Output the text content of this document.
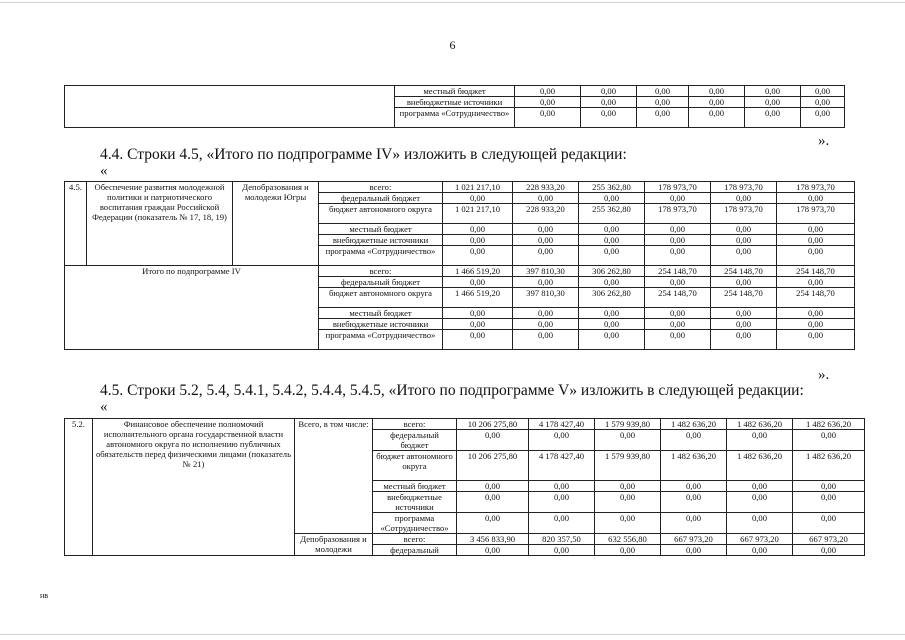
6
	местный бюджет	0,00	0,00	0,00	0,00	0,00	0,00
	внебюджетные источники	0,00	0,00	0,00	0,00	0,00	0,00
	программа «Сотрудничество»	0,00	0,00	0,00	0,00	0,00	0,00
».
4.4. Строки 4.5, «Итого по подпрограмме IV» изложить в следующей редакции:
«
4.5.	Обеспечение развития молодежной политики и патриотического воспитания граждан Российской Федерации (показатель № 17, 18, 19)	Депобразования и молодежи Югры	всего:	1 021 217,10	228 933,20	255 362,80	178 973,70	178 973,70	178 973,70
			федеральный бюджет	0,00	0,00	0,00	0,00	0,00	0,00
			бюджет автономного округа	1 021 217,10	228 933,20	255 362,80	178 973,70	178 973,70	178 973,70
			местный бюджет	0,00	0,00	0,00	0,00	0,00	0,00
			внебюджетные источники	0,00	0,00	0,00	0,00	0,00	0,00
			программа «Сотрудничество»	0,00	0,00	0,00	0,00	0,00	0,00
Итого по подпрограмме IV			всего:	1 466 519,20	397 810,30	306 262,80	254 148,70	254 148,70	254 148,70
			федеральный бюджет	0,00	0,00	0,00	0,00	0,00	0,00
			бюджет автономного округа	1 466 519,20	397 810,30	306 262,80	254 148,70	254 148,70	254 148,70
			местный бюджет	0,00	0,00	0,00	0,00	0,00	0,00
			внебюджетные источники	0,00	0,00	0,00	0,00	0,00	0,00
			программа «Сотрудничество»	0,00	0,00	0,00	0,00	0,00	0,00
».
4.5. Строки 5.2, 5.4, 5.4.1, 5.4.2, 5.4.4, 5.4.5, «Итого по подпрограмме V» изложить в следующей редакции:
«
5.2.	Финансовое обеспечение полномочий исполнительного органа государственной власти автономного округа по исполнению публичных обязательств перед физическими лицами (показатель № 21)	Всего, в том числе:	всего:	10 206 275,80	4 178 427,40	1 579 939,80	1 482 636,20	1 482 636,20	1 482 636,20
			федеральный бюджет	0,00	0,00	0,00	0,00	0,00	0,00
			бюджет автономного округа	10 206 275,80	4 178 427,40	1 579 939,80	1 482 636,20	1 482 636,20	1 482 636,20
			местный бюджет	0,00	0,00	0,00	0,00	0,00	0,00
			внебюджетные источники	0,00	0,00	0,00	0,00	0,00	0,00
			программа «Сотрудничество»	0,00	0,00	0,00	0,00	0,00	0,00
		Депобразования и молодежи	всего:	3 456 833,90	820 357,50	632 556,80	667 973,20	667 973,20	667 973,20
			федеральный	0,00	0,00	0,00	0,00	0,00	0,00
нв
